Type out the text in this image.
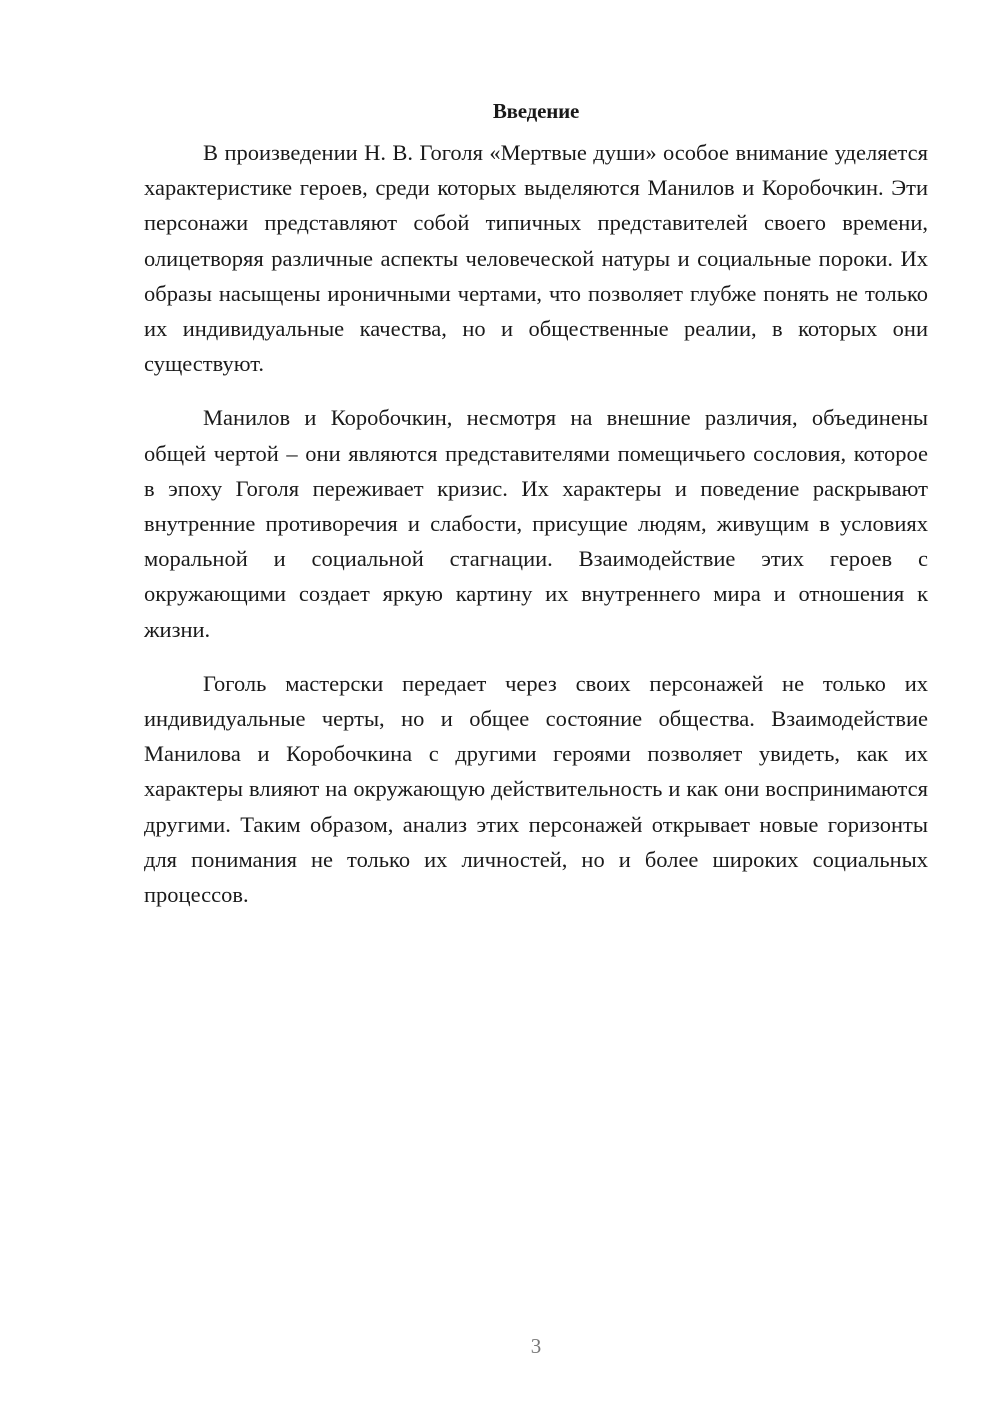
Введение

В произведении Н. В. Гоголя «Мертвые души» особое внимание уделяется характеристике героев, среди которых выделяются Манилов и Коробочкин. Эти персонажи представляют собой типичных представителей своего времени, олицетворяя различные аспекты человеческой натуры и социальные пороки. Их образы насыщены ироничными чертами, что позволяет глубже понять не только их индивидуальные качества, но и общественные реалии, в которых они существуют.

Манилов и Коробочкин, несмотря на внешние различия, объединены общей чертой – они являются представителями помещичьего сословия, которое в эпоху Гоголя переживает кризис. Их характеры и поведение раскрывают внутренние противоречия и слабости, присущие людям, живущим в условиях моральной и социальной стагнации. Взаимодействие этих героев с окружающими создает яркую картину их внутреннего мира и отношения к жизни.

Гоголь мастерски передает через своих персонажей не только их индивидуальные черты, но и общее состояние общества. Взаимодействие Манилова и Коробочкина с другими героями позволяет увидеть, как их характеры влияют на окружающую действительность и как они воспринимаются другими. Таким образом, анализ этих персонажей открывает новые горизонты для понимания не только их личностей, но и более широких социальных процессов.

3
